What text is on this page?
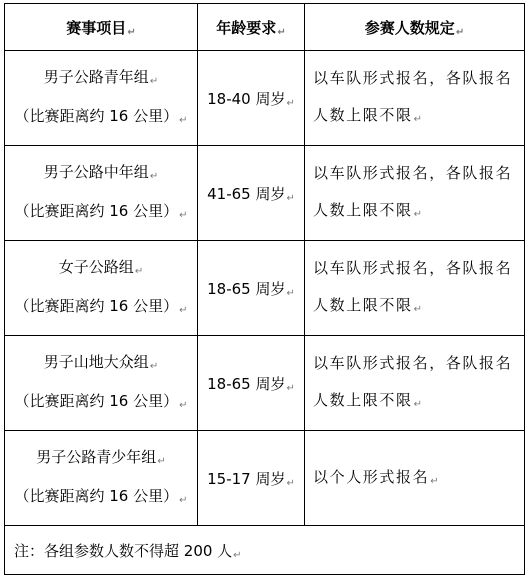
赛事项目↵	年龄要求↵	参赛人数规定↵

男子公路青年组↵
（比赛距离约 16 公里）↵	18-40 周岁↵	以车队形式报名，各队报名人数上限不限↵

男子公路中年组↵
（比赛距离约 16 公里）↵	41-65 周岁↵	以车队形式报名，各队报名人数上限不限↵

女子公路组↵
（比赛距离约 16 公里）↵	18-65 周岁↵	以车队形式报名，各队报名人数上限不限↵

男子山地大众组↵
（比赛距离约 16 公里）↵	18-65 周岁↵	以车队形式报名，各队报名人数上限不限↵

男子公路青少年组↵
（比赛距离约 16 公里）↵	15-17 周岁↵	以个人形式报名↵
注：各组参数人数不得超 200 人↵		
